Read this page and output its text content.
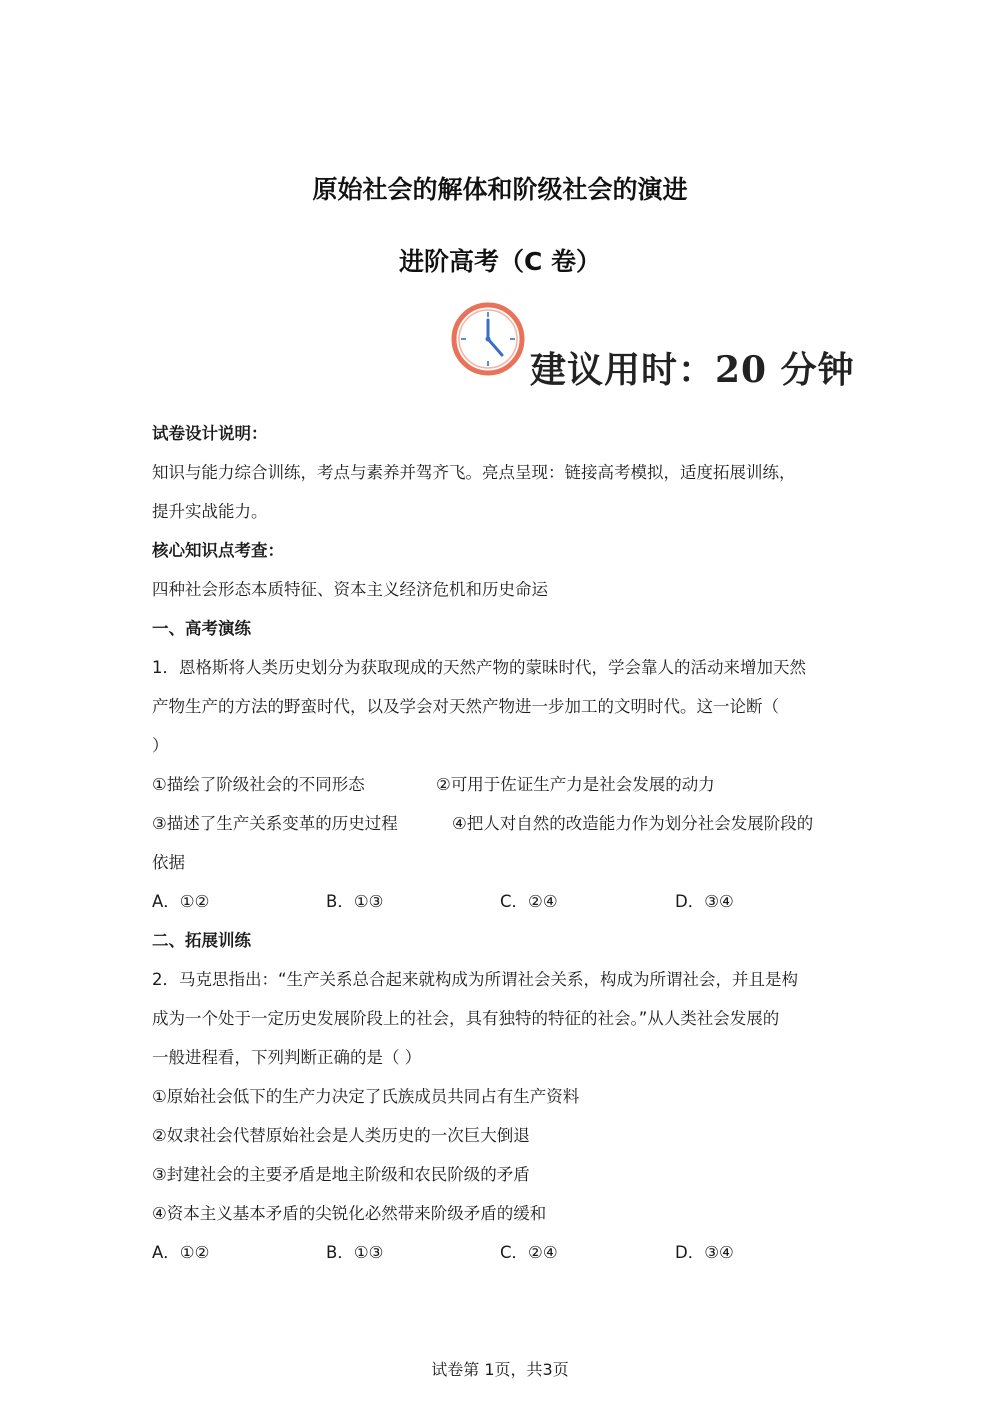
原始社会的解体和阶级社会的演进
进阶高考（C 卷）
建议用时：20 分钟
试卷设计说明：
知识与能力综合训练，考点与素养并驾齐飞。亮点呈现：链接高考模拟，适度拓展训练，
提升实战能力。
核心知识点考查：
四种社会形态本质特征、资本主义经济危机和历史命运
一、高考演练
1．恩格斯将人类历史划分为获取现成的天然产物的蒙昧时代，学会靠人的活动来增加天然
产物生产的方法的野蛮时代，以及学会对天然产物进一步加工的文明时代。这一论断（
）
①描绘了阶级社会的不同形态	②可用于佐证生产力是社会发展的动力
③描述了生产关系变革的历史过程	④把人对自然的改造能力作为划分社会发展阶段的
依据
A．①②	B．①③	C．②④	D．③④
二、拓展训练
2．马克思指出：“生产关系总合起来就构成为所谓社会关系，构成为所谓社会，并且是构
成为一个处于一定历史发展阶段上的社会，具有独特的特征的社会。”从人类社会发展的
一般进程看，下列判断正确的是（ ）
①原始社会低下的生产力决定了氏族成员共同占有生产资料
②奴隶社会代替原始社会是人类历史的一次巨大倒退
③封建社会的主要矛盾是地主阶级和农民阶级的矛盾
④资本主义基本矛盾的尖锐化必然带来阶级矛盾的缓和
A．①②	B．①③	C．②④	D．③④
试卷第 1页，共3页
